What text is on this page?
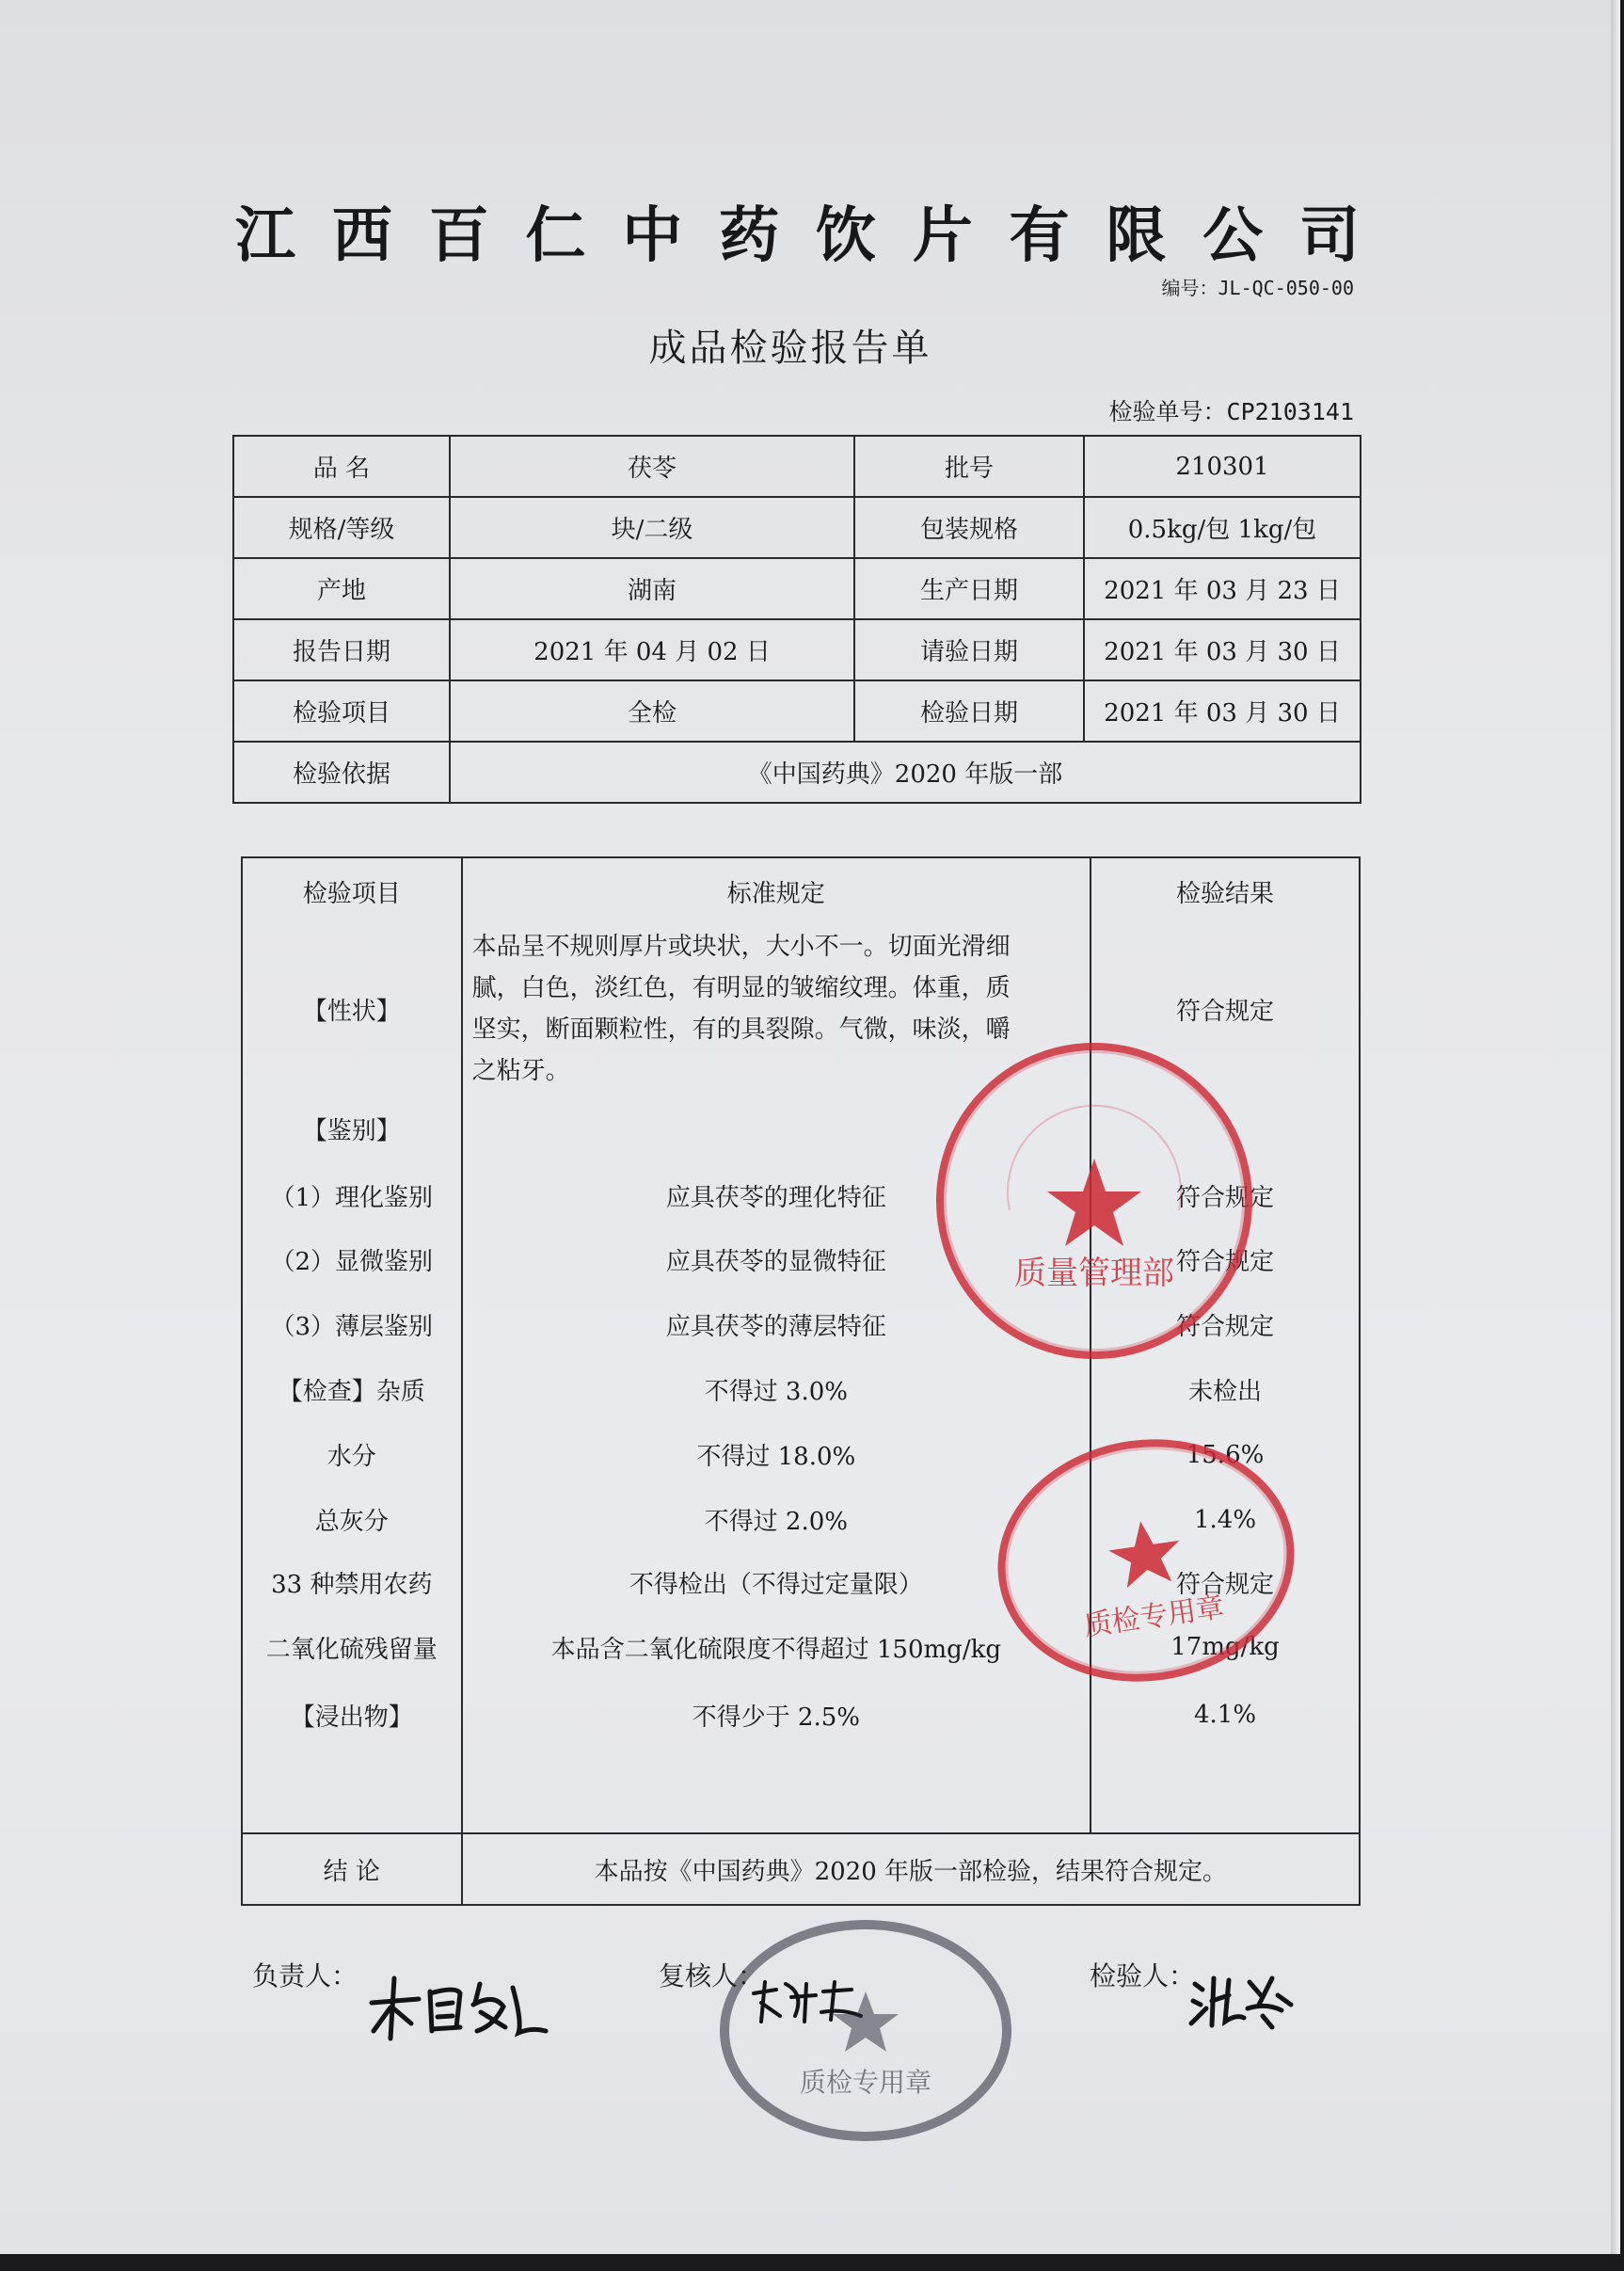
江 西 百 仁 中 药 饮 片 有 限 公 司
编号：JL-QC-050-00
成品检验报告单
检验单号：CP2103141
品 名	茯苓	批号	210301
规格/等级	块/二级	包装规格	0.5kg/包 1kg/包
产地	湖南	生产日期	2021 年 03 月 23 日
报告日期	2021 年 04 月 02 日	请验日期	2021 年 03 月 30 日
检验项目	全检	检验日期	2021 年 03 月 30 日
检验依据	《中国药典》2020 年版一部		
检验项目	标准规定	检验结果
【性状】	本品呈不规则厚片或块状，大小不一。切面光滑细
腻，白色，淡红色，有明显的皱缩纹理。体重，质
坚实，断面颗粒性，有的具裂隙。气微，味淡，嚼
之粘牙。	符合规定
【鉴别】		
（1）理化鉴别	应具茯苓的理化特征	符合规定
（2）显微鉴别	应具茯苓的显微特征	符合规定
（3）薄层鉴别	应具茯苓的薄层特征	符合规定
【检查】杂质	不得过 3.0%	未检出
水分	不得过 18.0%	15.6%
总灰分	不得过 2.0%	1.4%
33 种禁用农药	不得检出（不得过定量限）	符合规定
二氧化硫残留量	本品含二氧化硫限度不得超过 150mg/kg	17mg/kg
【浸出物】	不得少于 2.5%	4.1%

结 论	本品按《中国药典》2020 年版一部检验，结果符合规定。	
负责人：	复核人：	检验人：
质量管理部
质检专用章
质检专用章
